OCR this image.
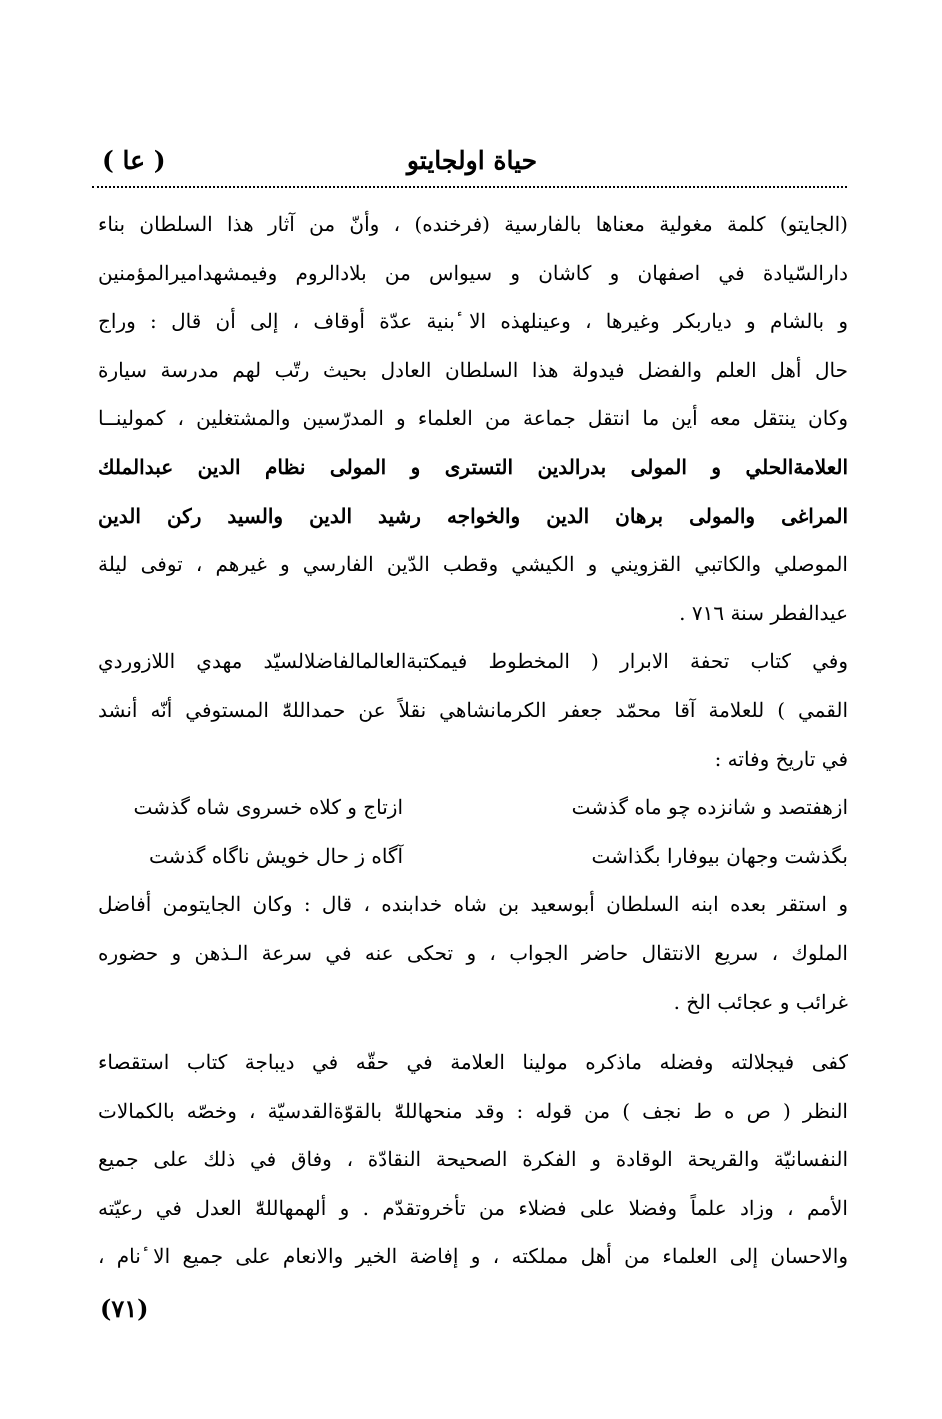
حياة اولجايتو
( عا )
(الجايتو) كلمة مغولية معناها بالفارسية (فرخنده) ، وأنّ من آثار هذا السلطان بناء
دارالسّيادة في اصفهان و كاشان و سيواس من بلادالروم وفيمشهداميرالمؤمنين
و بالشام و دياربكر وغيرها ، وعينلهذه الا ٔبنية عدّة أوقاف ، إلى أن قال : وراج
حال أهل العلم والفضل فيدولة هذا السلطان العادل بحيث رتّب لهم مدرسة سيارة
وكان ينتقل معه أين ما انتقل جماعة من العلماء و المدرّسين والمشتغلين ، كمولينــا
العلامةالحلي و المولى بدرالدين التسترى و المولى نظام الدين عبدالملك
المراغى والمولى برهان الدين والخواجه رشيد الدين والسيد ركن الدين
الموصلي والكاتبي القزويني و الكيشي وقطب الدّين الفارسي و غيرهم ، توفى ليلة
عيدالفطر سنة ٧١٦ .
وفي كتاب تحفة الابرار ( المخطوط فيمكتبةالعالمالفاضلالسيّد مهدي اللازوردي
القمي ) للعلامة آقا محمّد جعفر الكرمانشاهي نقلاً عن حمداللهّٰ المستوفي أنّه أنشد
في تاريخ وفاته :
ازهفتصد و شانزده چو ماه گذشت
ازتاج و كلاه خسروى شاه گذشت
بگذشت وجهان بيوفارا بگذاشت
آگاه ز حال خويش ناگاه گذشت
و استقر بعده ابنه السلطان أبوسعيد بن شاه خدابنده ، قال : وكان الجايتومن أفاضل
الملوك ، سريع الانتقال حاضر الجواب ، و تحكى عنه في سرعة الـذهن و حضوره
غرائب و عجائب الخ .
كفى فيجلالته وفضله ماذكره مولينا العلامة في حقّه في ديباجة كتاب استقصاء
النظر ( ص ه ط نجف ) من قوله : وقد منحهاللهّٰ بالقوّةالقدسيّة ، وخصّه بالكمالات
النفسانيّة والقريحة الوقادة و الفكرة الصحيحة النقادّة ، وفاق في ذلك على جميع
الأمم ، وزاد علماً وفضلا على فضلاء من تأخروتقدّم . و ألهمهاللهّٰ العدل في رعيّته
والاحسان إلى العلماء من أهل مملكته ، و إفاضة الخير والانعام على جميع الا ٔنام ،
(٧١)
